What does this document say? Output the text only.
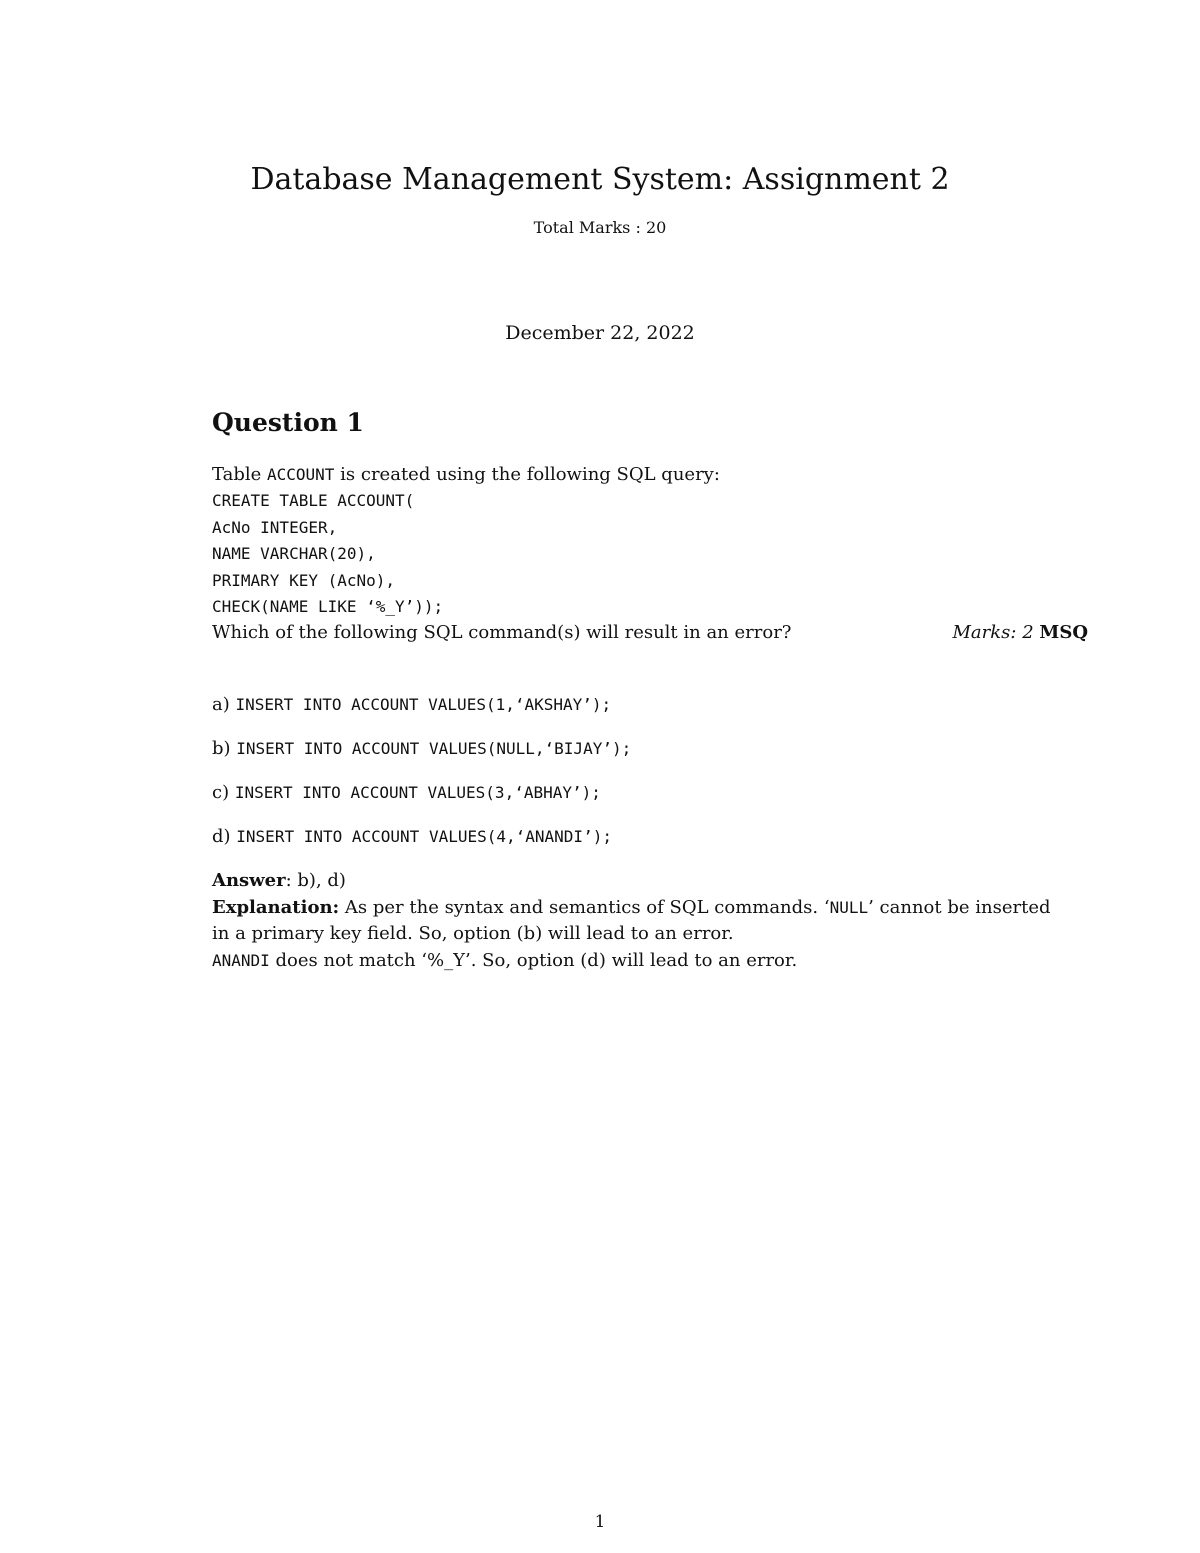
Database Management System: Assignment 2
Total Marks : 20
December 22, 2022
Question 1
Table ACCOUNT is created using the following SQL query:
CREATE TABLE ACCOUNT(
AcNo INTEGER,
NAME VARCHAR(20),
PRIMARY KEY (AcNo),
CHECK(NAME LIKE ‘%_Y’));
Which of the following SQL command(s) will result in an error?	Marks: 2 MSQ
a) INSERT INTO ACCOUNT VALUES(1,‘AKSHAY’);
b) INSERT INTO ACCOUNT VALUES(NULL,‘BIJAY’);
c) INSERT INTO ACCOUNT VALUES(3,‘ABHAY’);
d) INSERT INTO ACCOUNT VALUES(4,‘ANANDI’);
Answer: b), d)
Explanation: As per the syntax and semantics of SQL commands. ‘NULL’ cannot be inserted
in a primary key field. So, option (b) will lead to an error.
ANANDI does not match ‘%_Y’. So, option (d) will lead to an error.
1
